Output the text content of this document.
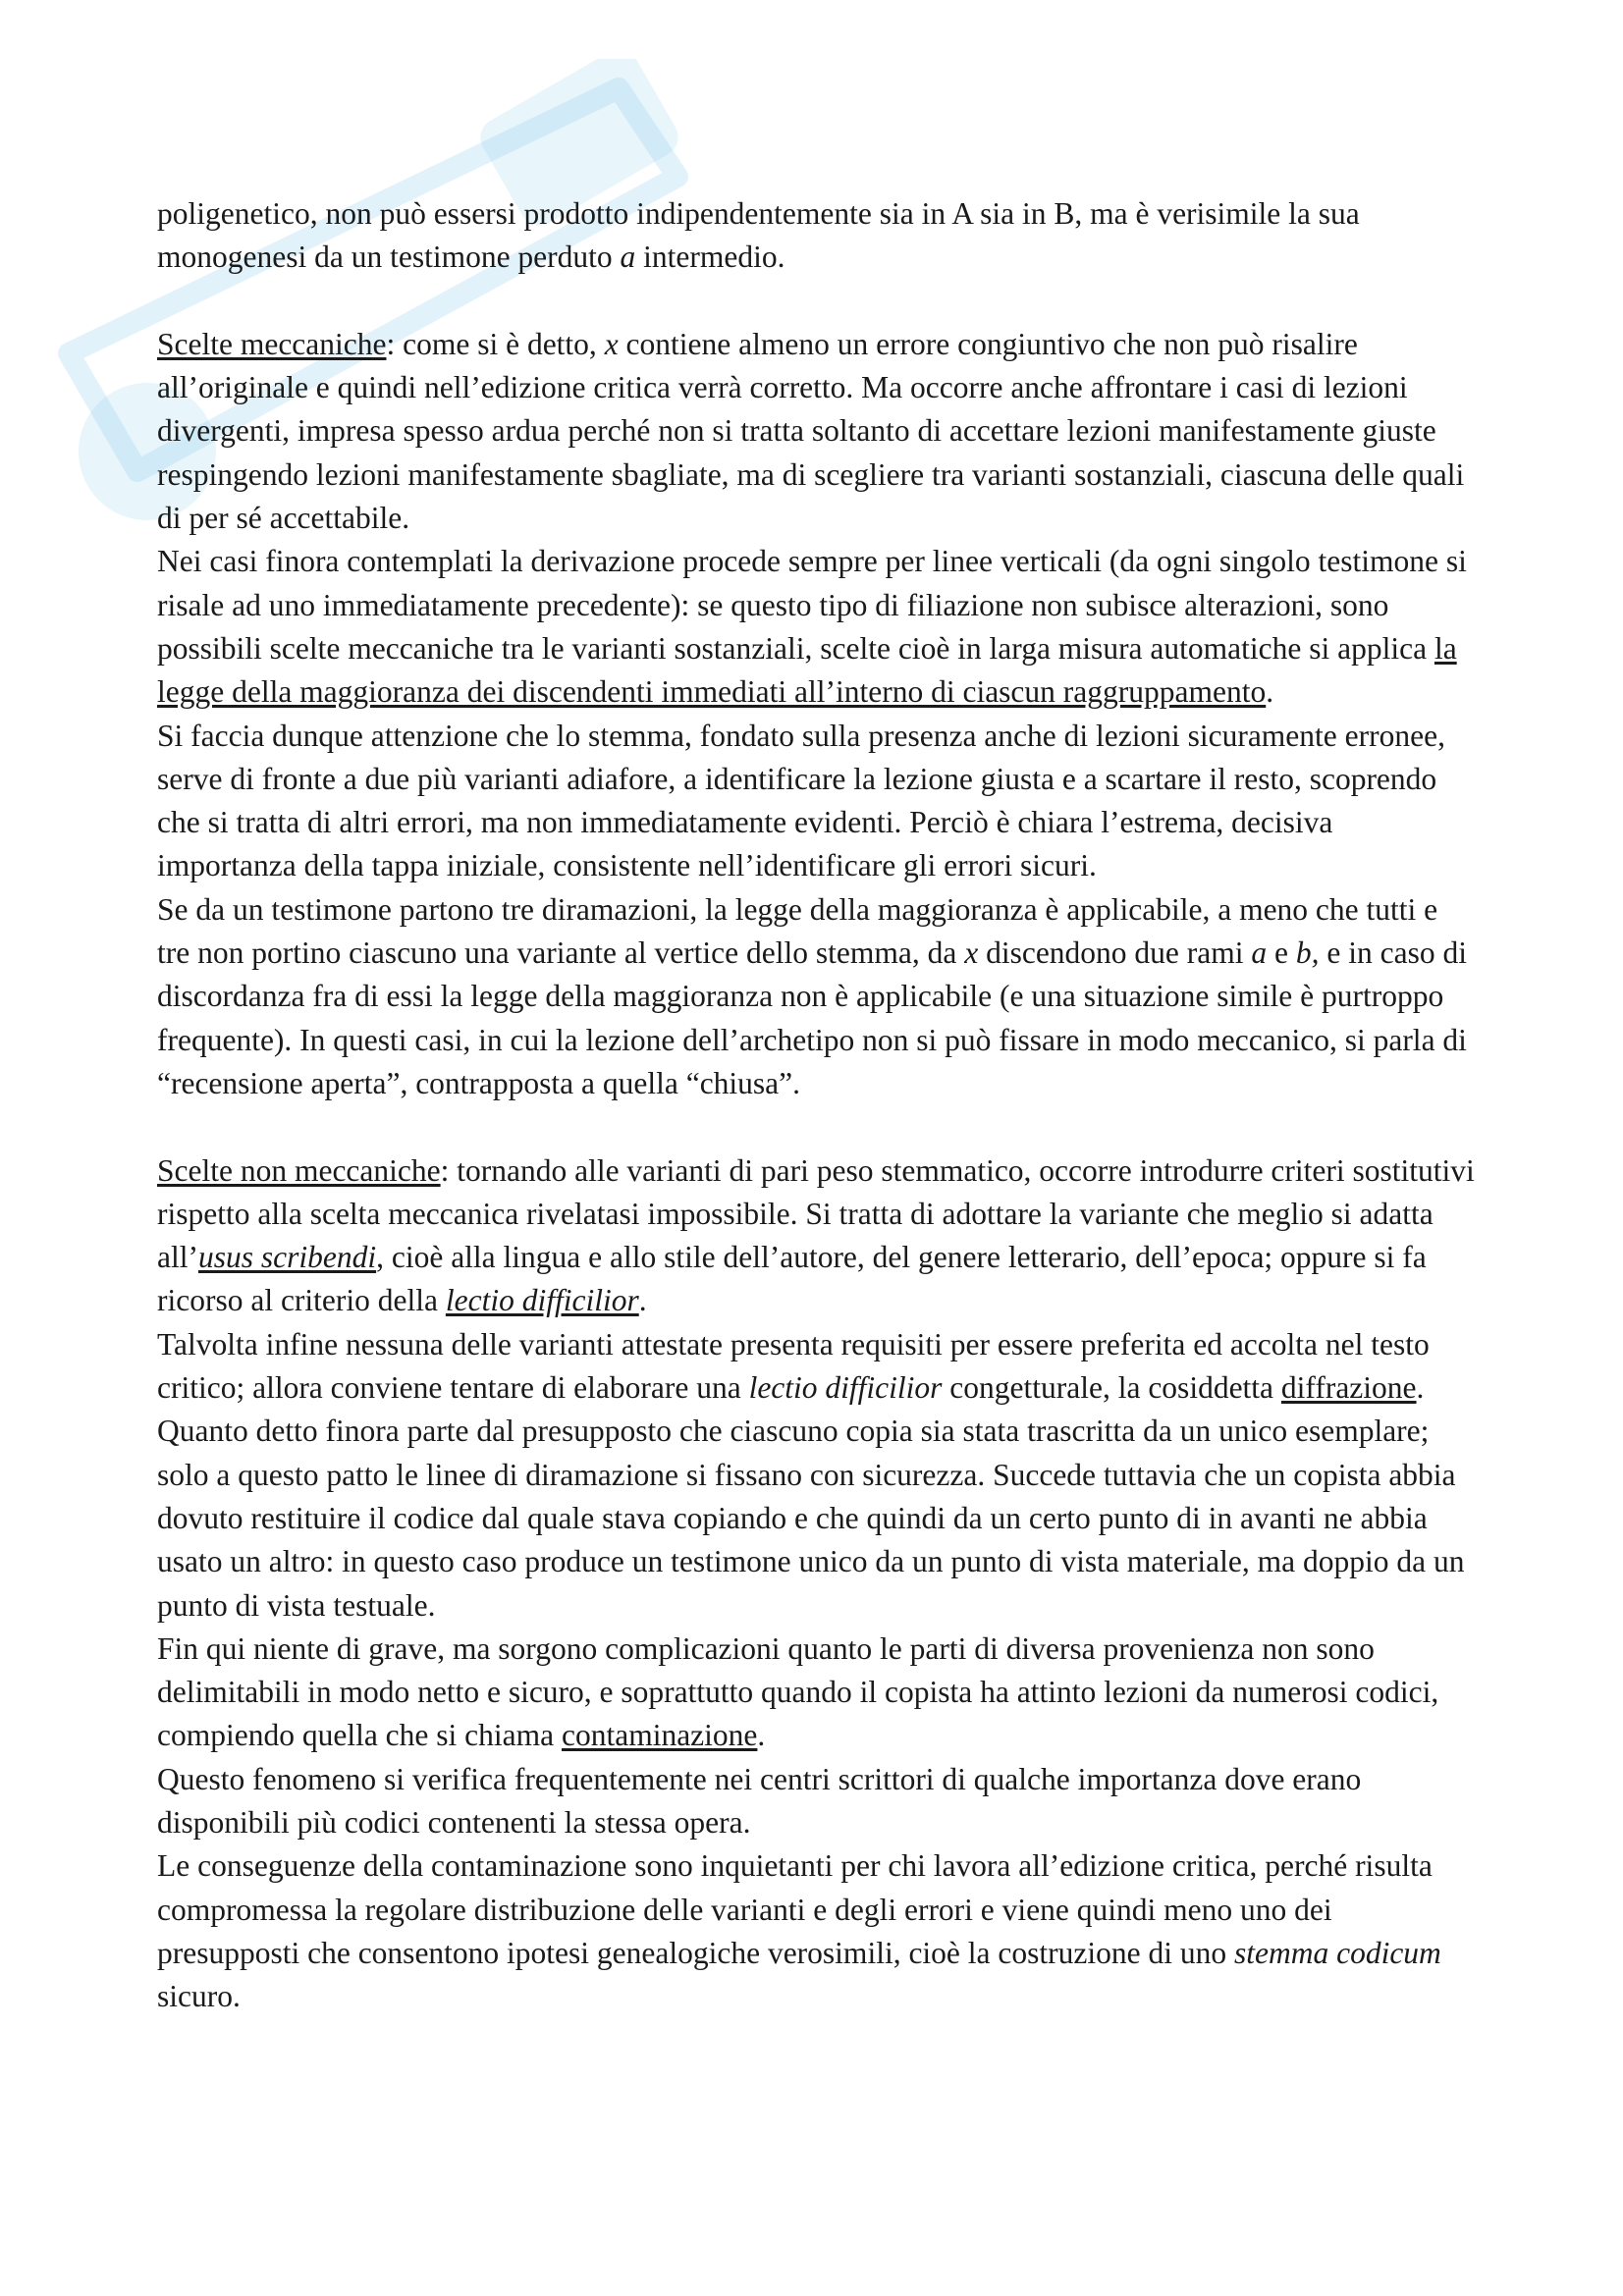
poligenetico, non può essersi prodotto indipendentemente sia in A sia in B, ma è verisimile la sua monogenesi da un testimone perduto a intermedio.

Scelte meccaniche: come si è detto, x contiene almeno un errore congiuntivo che non può risalire all’originale e quindi nell’edizione critica verrà corretto. Ma occorre anche affrontare i casi di lezioni divergenti, impresa spesso ardua perché non si tratta soltanto di accettare lezioni manifestamente giuste respingendo lezioni manifestamente sbagliate, ma di scegliere tra varianti sostanziali, ciascuna delle quali di per sé accettabile.

Nei casi finora contemplati la derivazione procede sempre per linee verticali (da ogni singolo testimone si risale ad uno immediatamente precedente): se questo tipo di filiazione non subisce alterazioni, sono possibili scelte meccaniche tra le varianti sostanziali, scelte cioè in larga misura automatiche si applica la legge della maggioranza dei discendenti immediati all’interno di ciascun raggruppamento.

Si faccia dunque attenzione che lo stemma, fondato sulla presenza anche di lezioni sicuramente erronee, serve di fronte a due più varianti adiafore, a identificare la lezione giusta e a scartare il resto, scoprendo che si tratta di altri errori, ma non immediatamente evidenti. Perciò è chiara l’estrema, decisiva importanza della tappa iniziale, consistente nell’identificare gli errori sicuri.

Se da un testimone partono tre diramazioni, la legge della maggioranza è applicabile, a meno che tutti e tre non portino ciascuno una variante al vertice dello stemma, da x discendono due rami a e b, e in caso di discordanza fra di essi la legge della maggioranza non è applicabile (e una situazione simile è purtroppo frequente). In questi casi, in cui la lezione dell’archetipo non si può fissare in modo meccanico, si parla di “recensione aperta”, contrapposta a quella “chiusa”.

Scelte non meccaniche: tornando alle varianti di pari peso stemmatico, occorre introdurre criteri sostitutivi rispetto alla scelta meccanica rivelatasi impossibile. Si tratta di adottare la variante che meglio si adatta all’usus scribendi, cioè alla lingua e allo stile dell’autore, del genere letterario, dell’epoca; oppure si fa ricorso al criterio della lectio difficilior.

Talvolta infine nessuna delle varianti attestate presenta requisiti per essere preferita ed accolta nel testo critico; allora conviene tentare di elaborare una lectio difficilior congetturale, la cosiddetta diffrazione.

Quanto detto finora parte dal presupposto che ciascuno copia sia stata trascritta da un unico esemplare; solo a questo patto le linee di diramazione si fissano con sicurezza. Succede tuttavia che un copista abbia dovuto restituire il codice dal quale stava copiando e che quindi da un certo punto di in avanti ne abbia usato un altro: in questo caso produce un testimone unico da un punto di vista materiale, ma doppio da un punto di vista testuale.

Fin qui niente di grave, ma sorgono complicazioni quanto le parti di diversa provenienza non sono delimitabili in modo netto e sicuro, e soprattutto quando il copista ha attinto lezioni da numerosi codici, compiendo quella che si chiama contaminazione.

Questo fenomeno si verifica frequentemente nei centri scrittori di qualche importanza dove erano disponibili più codici contenenti la stessa opera.

Le conseguenze della contaminazione sono inquietanti per chi lavora all’edizione critica, perché risulta compromessa la regolare distribuzione delle varianti e degli errori e viene quindi meno uno dei presupposti che consentono ipotesi genealogiche verosimili, cioè la costruzione di uno stemma codicum sicuro.
